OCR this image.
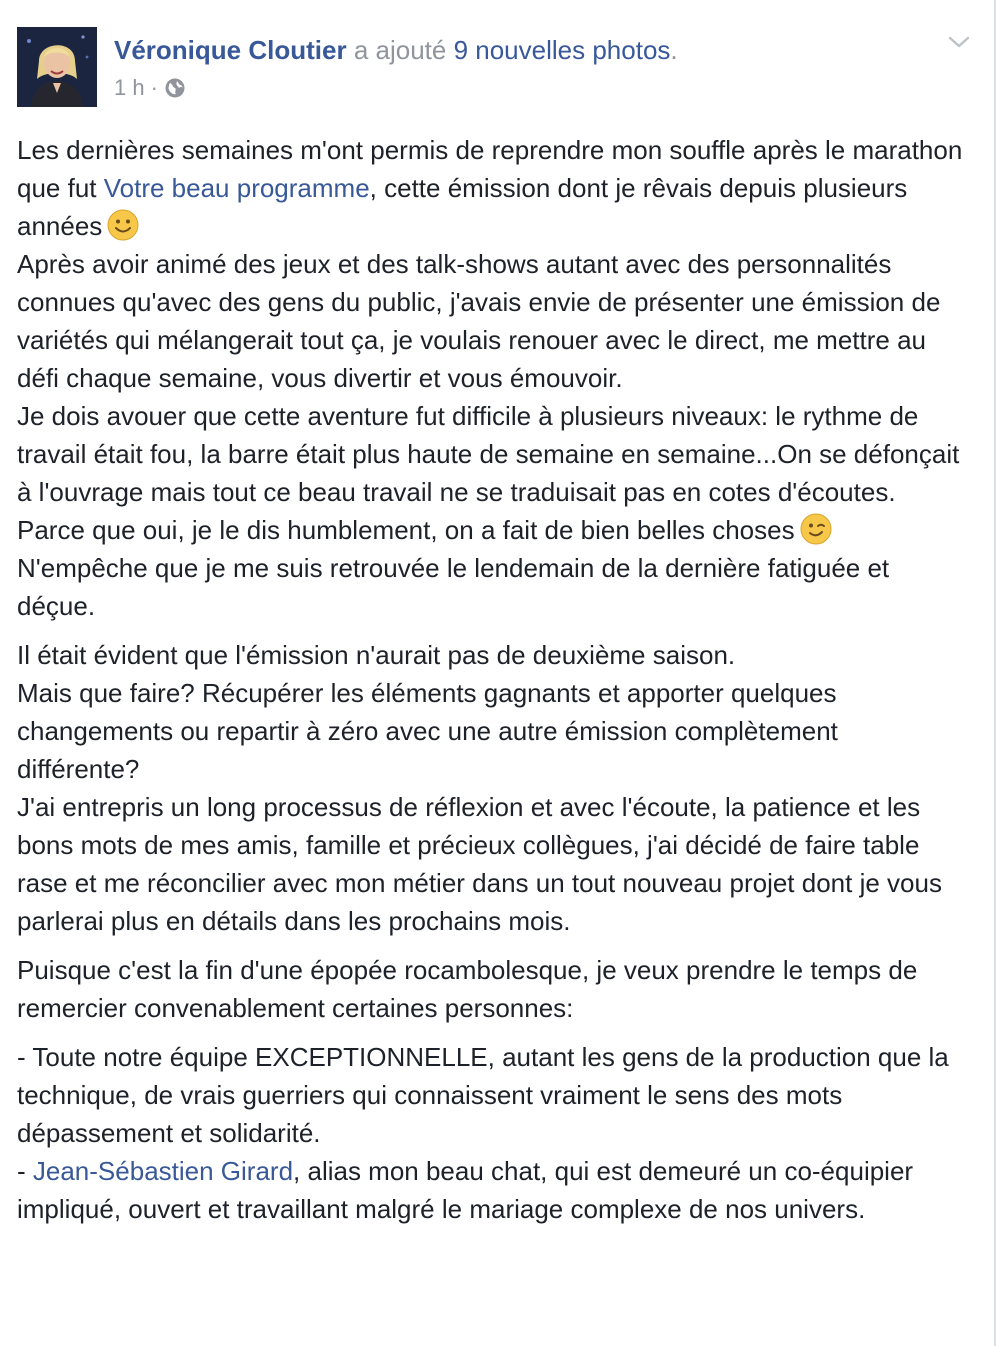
Véronique Cloutier a ajouté 9 nouvelles photos.
1 h ·

Les dernières semaines m'ont permis de reprendre mon souffle après le marathon que fut Votre beau programme, cette émission dont je rêvais depuis plusieurs années

Après avoir animé des jeux et des talk-shows autant avec des personnalités connues qu'avec des gens du public, j'avais envie de présenter une émission de variétés qui mélangerait tout ça, je voulais renouer avec le direct, me mettre au défi chaque semaine, vous divertir et vous émouvoir.

Je dois avouer que cette aventure fut difficile à plusieurs niveaux: le rythme de travail était fou, la barre était plus haute de semaine en semaine...On se défonçait à l'ouvrage mais tout ce beau travail ne se traduisait pas en cotes d'écoutes. Parce que oui, je le dis humblement, on a fait de bien belles choses

N'empêche que je me suis retrouvée le lendemain de la dernière fatiguée et déçue.

Il était évident que l'émission n'aurait pas de deuxième saison.

Mais que faire? Récupérer les éléments gagnants et apporter quelques changements ou repartir à zéro avec une autre émission complètement différente?

J'ai entrepris un long processus de réflexion et avec l'écoute, la patience et les bons mots de mes amis, famille et précieux collègues, j'ai décidé de faire table rase et me réconcilier avec mon métier dans un tout nouveau projet dont je vous parlerai plus en détails dans les prochains mois.

Puisque c'est la fin d'une épopée rocambolesque, je veux prendre le temps de remercier convenablement certaines personnes:

- Toute notre équipe EXCEPTIONNELLE, autant les gens de la production que la technique, de vrais guerriers qui connaissent vraiment le sens des mots dépassement et solidarité.

- Jean-Sébastien Girard, alias mon beau chat, qui est demeuré un co-équipier impliqué, ouvert et travaillant malgré le mariage complexe de nos univers.
